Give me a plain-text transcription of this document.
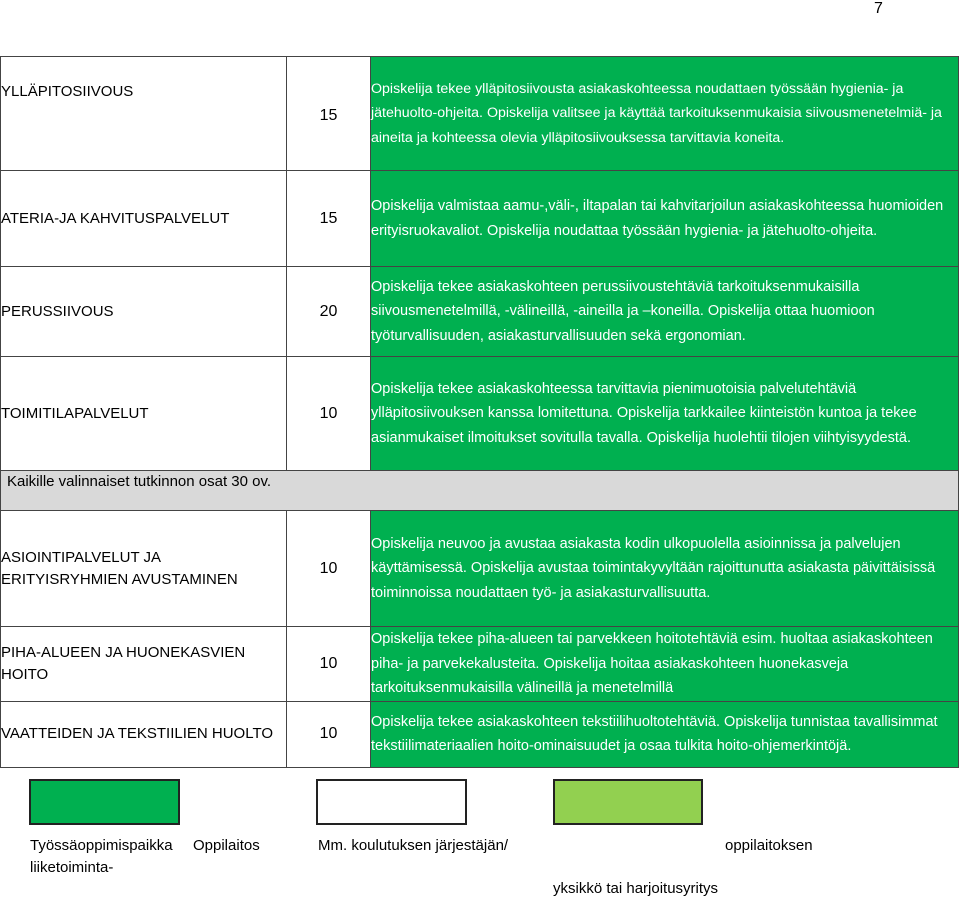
7
YLLÄPITOSIIVOUS	15	Opiskelija tekee ylläpitosiivousta asiakaskohteessa noudattaen työssään hygienia- ja jätehuolto-ohjeita. Opiskelija valitsee ja käyttää tarkoituksenmukaisia siivousmenetelmiä- ja aineita ja kohteessa olevia ylläpitosiivouksessa tarvittavia koneita.
ATERIA-JA KAHVITUSPALVELUT	15	Opiskelija valmistaa aamu-,väli-, iltapalan tai kahvitarjoilun asiakaskohteessa huomioiden erityisruokavaliot. Opiskelija noudattaa työssään hygienia- ja jätehuolto-ohjeita.
PERUSSIIVOUS	20	Opiskelija tekee asiakaskohteen perussiivoustehtäviä tarkoituksenmukaisilla siivousmenetelmillä, -välineillä, -aineilla ja –koneilla. Opiskelija ottaa huomioon työturvallisuuden, asiakasturvallisuuden sekä ergonomian.
TOIMITILAPALVELUT	10	Opiskelija tekee asiakaskohteessa tarvittavia pienimuotoisia palvelutehtäviä ylläpitosiivouksen kanssa lomitettuna. Opiskelija tarkkailee kiinteistön kuntoa ja tekee asianmukaiset ilmoitukset sovitulla tavalla. Opiskelija huolehtii tilojen viihtyisyydestä.
Kaikille valinnaiset tutkinnon osat 30 ov.		
ASIOINTIPALVELUT JA ERITYISRYHMIEN AVUSTAMINEN	10	Opiskelija neuvoo ja avustaa asiakasta kodin ulkopuolella asioinnissa ja palvelujen käyttämisessä. Opiskelija avustaa toimintakyvyltään rajoittunutta asiakasta päivittäisissä toiminnoissa noudattaen työ- ja asiakasturvallisuutta.
PIHA-ALUEEN JA HUONEKASVIEN HOITO	10	Opiskelija tekee piha-alueen tai parvekkeen hoitotehtäviä esim. huoltaa asiakaskohteen piha- ja parvekekalusteita. Opiskelija hoitaa asiakaskohteen huonekasveja tarkoituksenmukaisilla välineillä ja menetelmillä
VAATTEIDEN JA TEKSTIILIEN HUOLTO	10	Opiskelija tekee asiakaskohteen tekstiilihuoltotehtäviä. Opiskelija tunnistaa tavallisimmat tekstiilimateriaalien hoito-ominaisuudet ja osaa tulkita hoito-ohjemerkintöjä.
Työssäoppimispaikka Oppilaitos
liiketoiminta-
Mm. koulutuksen järjestäjän/	oppilaitoksen
yksikkö tai harjoitusyritys
